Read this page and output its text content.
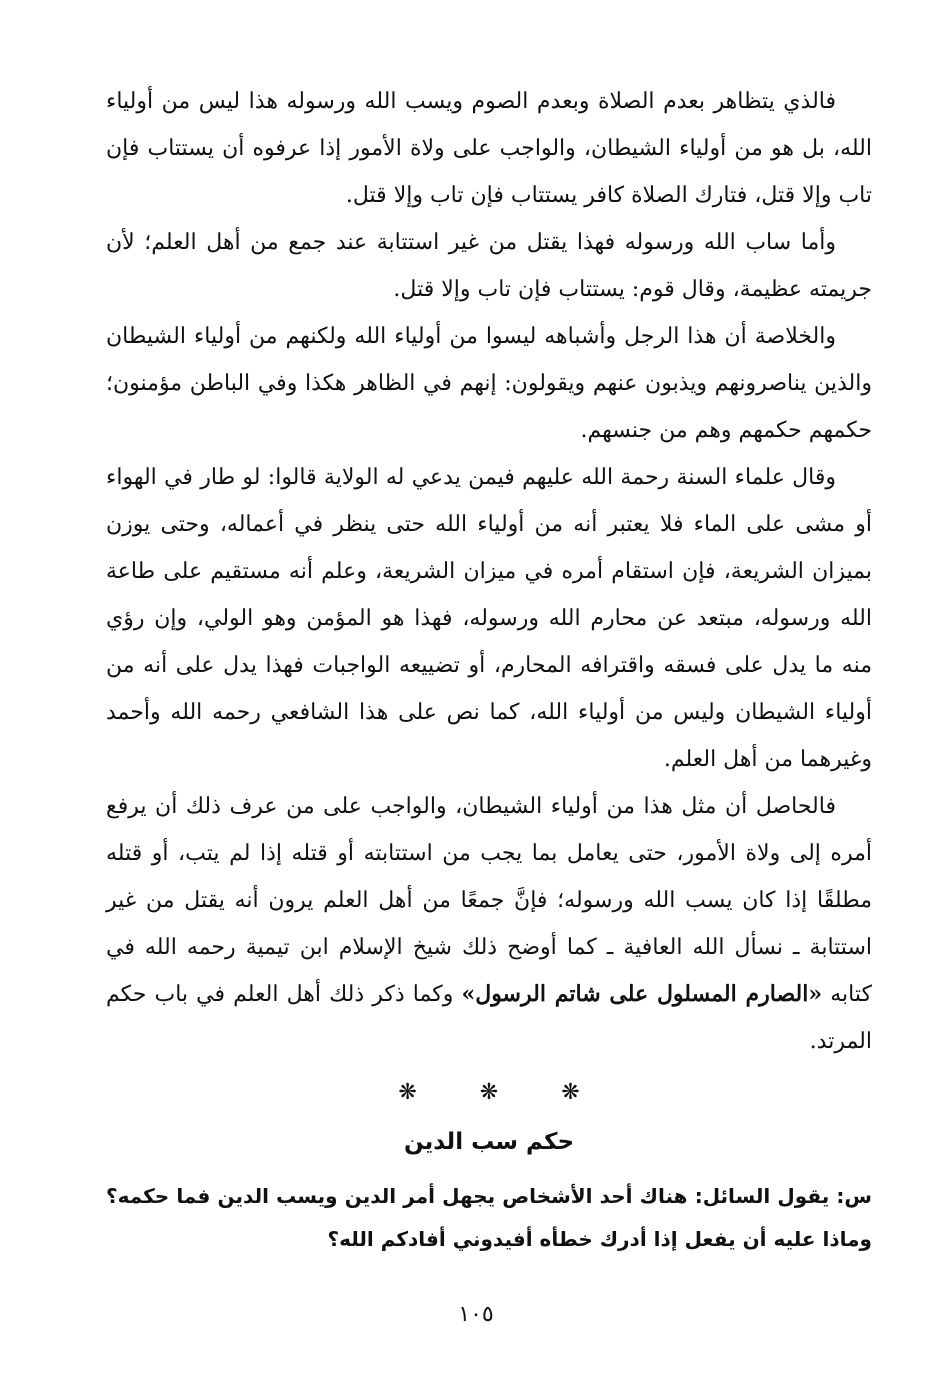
فالذي يتظاهر بعدم الصلاة وبعدم الصوم ويسب الله ورسوله هذا ليس من أولياء الله، بل هو من أولياء الشيطان، والواجب على ولاة الأمور إذا عرفوه أن يستتاب فإن تاب وإلا قتل، فتارك الصلاة كافر يستتاب فإن تاب وإلا قتل.

وأما ساب الله ورسوله فهذا يقتل من غير استتابة عند جمع من أهل العلم؛ لأن جريمته عظيمة، وقال قوم: يستتاب فإن تاب وإلا قتل.

والخلاصة أن هذا الرجل وأشباهه ليسوا من أولياء الله ولكنهم من أولياء الشيطان والذين يناصرونهم ويذبون عنهم ويقولون: إنهم في الظاهر هكذا وفي الباطن مؤمنون؛ حكمهم حكمهم وهم من جنسهم.

وقال علماء السنة رحمة الله عليهم فيمن يدعي له الولاية قالوا: لو طار في الهواء أو مشى على الماء فلا يعتبر أنه من أولياء الله حتى ينظر في أعماله، وحتى يوزن بميزان الشريعة، فإن استقام أمره في ميزان الشريعة، وعلم أنه مستقيم على طاعة الله ورسوله، مبتعد عن محارم الله ورسوله، فهذا هو المؤمن وهو الولي، وإن رؤي منه ما يدل على فسقه واقترافه المحارم، أو تضييعه الواجبات فهذا يدل على أنه من أولياء الشيطان وليس من أولياء الله، كما نص على هذا الشافعي رحمه الله وأحمد وغيرهما من أهل العلم.

فالحاصل أن مثل هذا من أولياء الشيطان، والواجب على من عرف ذلك أن يرفع أمره إلى ولاة الأمور، حتى يعامل بما يجب من استتابته أو قتله إذا لم يتب، أو قتله مطلقًا إذا كان يسب الله ورسوله؛ فإنَّ جمعًا من أهل العلم يرون أنه يقتل من غير استتابة ـ نسأل الله العافية ـ كما أوضح ذلك شيخ الإسلام ابن تيمية رحمه الله في كتابه «الصارم المسلول على شاتم الرسول» وكما ذكر ذلك أهل العلم في باب حكم المرتد.

❋ ❋ ❋
حكم سب الدين

س: يقول السائل: هناك أحد الأشخاص يجهل أمر الدين ويسب الدين فما حكمه؟ وماذا عليه أن يفعل إذا أدرك خطأه أفيدوني أفادكم الله؟

١٠٥
